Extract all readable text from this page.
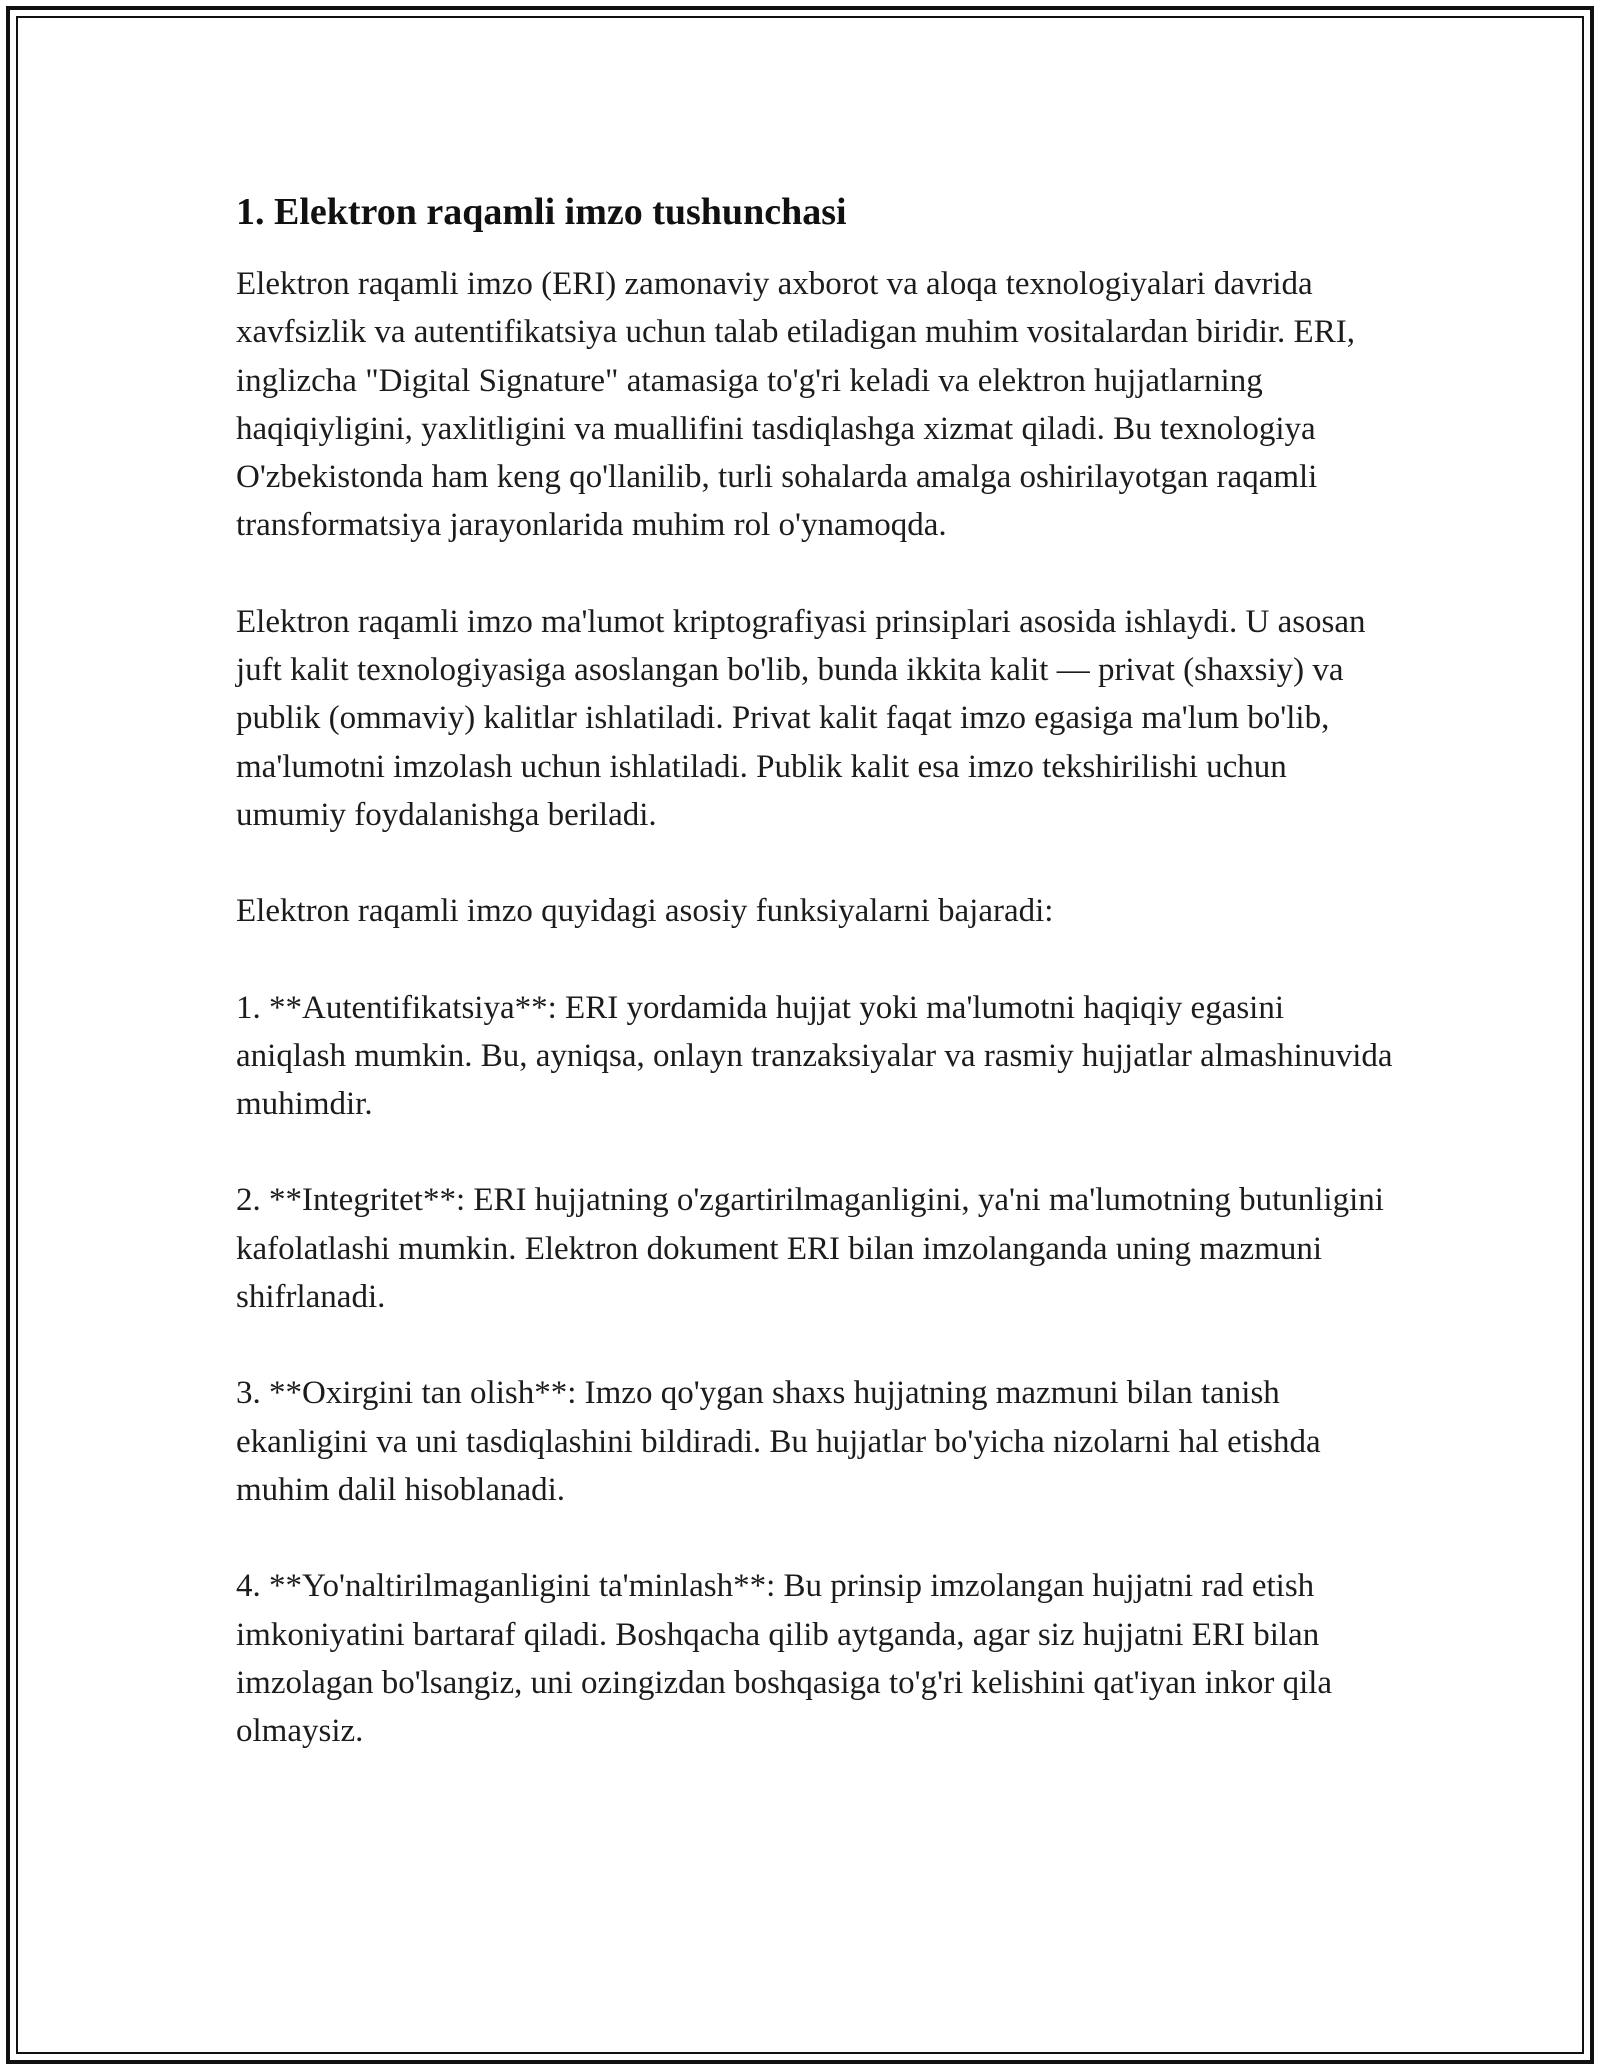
1. Elektron raqamli imzo tushunchasi

Elektron raqamli imzo (ERI) zamonaviy axborot va aloqa texnologiyalari davrida xavfsizlik va autentifikatsiya uchun talab etiladigan muhim vositalardan biridir. ERI, inglizcha "Digital Signature" atamasiga to'g'ri keladi va elektron hujjatlarning haqiqiyligini, yaxlitligini va muallifini tasdiqlashga xizmat qiladi. Bu texnologiya O'zbekistonda ham keng qo'llanilib, turli sohalarda amalga oshirilayotgan raqamli transformatsiya jarayonlarida muhim rol o'ynamoqda.

Elektron raqamli imzo ma'lumot kriptografiyasi prinsiplari asosida ishlaydi. U asosan juft kalit texnologiyasiga asoslangan bo'lib, bunda ikkita kalit — privat (shaxsiy) va publik (ommaviy) kalitlar ishlatiladi. Privat kalit faqat imzo egasiga ma'lum bo'lib, ma'lumotni imzolash uchun ishlatiladi. Publik kalit esa imzo tekshirilishi uchun umumiy foydalanishga beriladi.

Elektron raqamli imzo quyidagi asosiy funksiyalarni bajaradi:

1. **Autentifikatsiya**: ERI yordamida hujjat yoki ma'lumotni haqiqiy egasini aniqlash mumkin. Bu, ayniqsa, onlayn tranzaksiyalar va rasmiy hujjatlar almashinuvida muhimdir.

2. **Integritet**: ERI hujjatning o'zgartirilmaganligini, ya'ni ma'lumotning butunligini kafolatlashi mumkin. Elektron dokument ERI bilan imzolanganda uning mazmuni shifrlanadi.

3. **Oxirgini tan olish**: Imzo qo'ygan shaxs hujjatning mazmuni bilan tanish ekanligini va uni tasdiqlashini bildiradi. Bu hujjatlar bo'yicha nizolarni hal etishda muhim dalil hisoblanadi.

4. **Yo'naltirilmaganligini ta'minlash**: Bu prinsip imzolangan hujjatni rad etish imkoniyatini bartaraf qiladi. Boshqacha qilib aytganda, agar siz hujjatni ERI bilan imzolagan bo'lsangiz, uni ozingizdan boshqasiga to'g'ri kelishini qat'iyan inkor qila olmaysiz.
